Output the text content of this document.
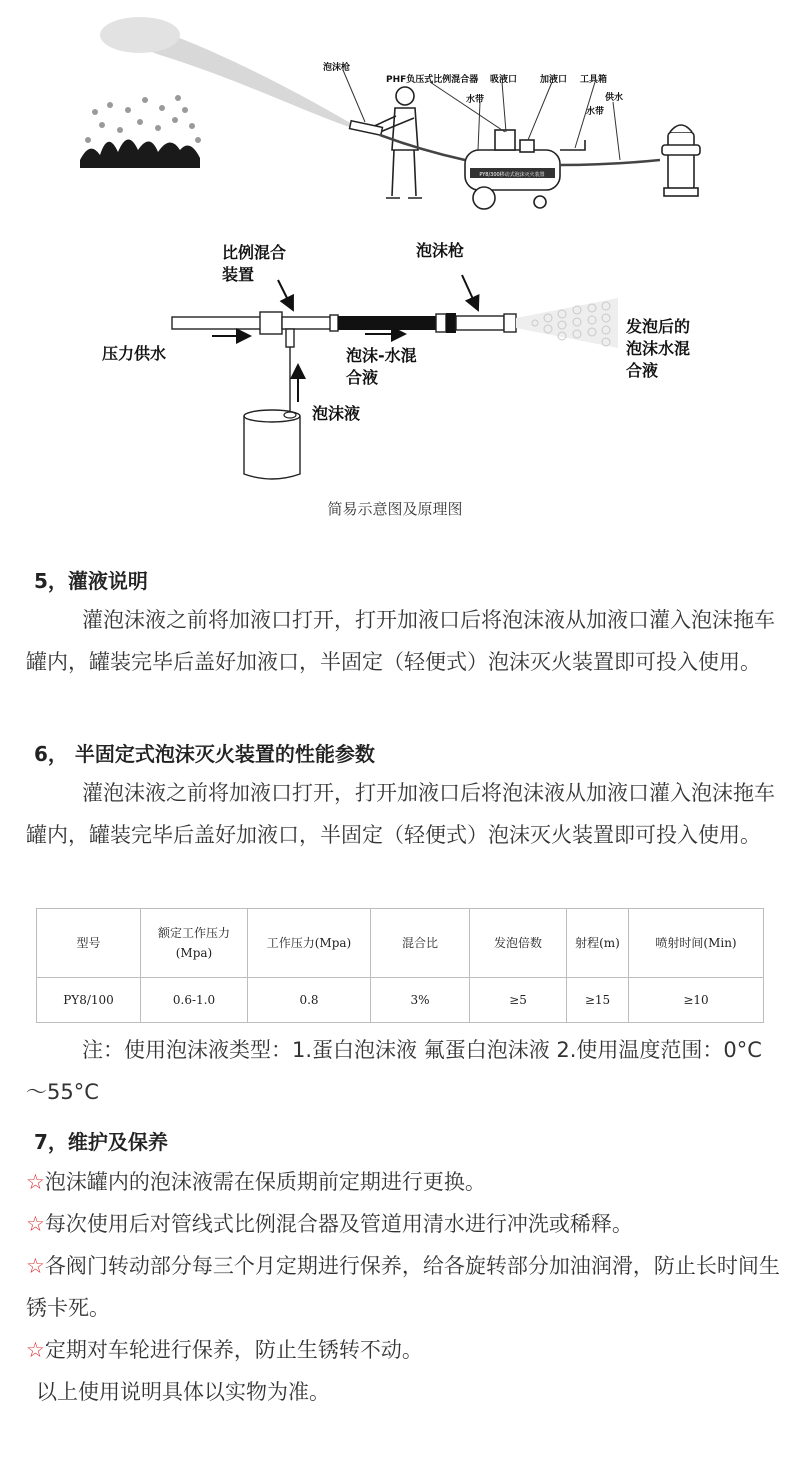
PY8/300移动式泡沫灭火装置
泡沫枪
PHF负压式比例混合器 吸液口	加液口 工具箱
水带	供水
水带
比例混合
装置
泡沫枪
压力供水	泡沫-水混
合液
泡沫液
发泡后的
泡沫水混
合液
简易示意图及原理图
5，灌液说明

灌泡沫液之前将加液口打开，打开加液口后将泡沫液从加液口灌入泡沫拖车罐内，罐装完毕后盖好加液口，半固定（轻便式）泡沫灭火装置即可投入使用。

6， 半固定式泡沫灭火装置的性能参数

灌泡沫液之前将加液口打开，打开加液口后将泡沫液从加液口灌入泡沫拖车罐内，罐装完毕后盖好加液口，半固定（轻便式）泡沫灭火装置即可投入使用。

型号	额定工作压力(Mpa)	工作压力(Mpa)	混合比	发泡倍数	射程(m)	喷射时间(Min)
PY8/100	0.6-1.0	0.8	3%	≥5	≥15	≥10

注：使用泡沫液类型：1.蛋白泡沫液 氟蛋白泡沫液 2.使用温度范围：0°C～55°C

7，维护及保养

☆泡沫罐内的泡沫液需在保质期前定期进行更换。

☆每次使用后对管线式比例混合器及管道用清水进行冲洗或稀释。

☆各阀门转动部分每三个月定期进行保养，给各旋转部分加油润滑，防止长时间生锈卡死。

☆定期对车轮进行保养，防止生锈转不动。

以上使用说明具体以实物为准。
